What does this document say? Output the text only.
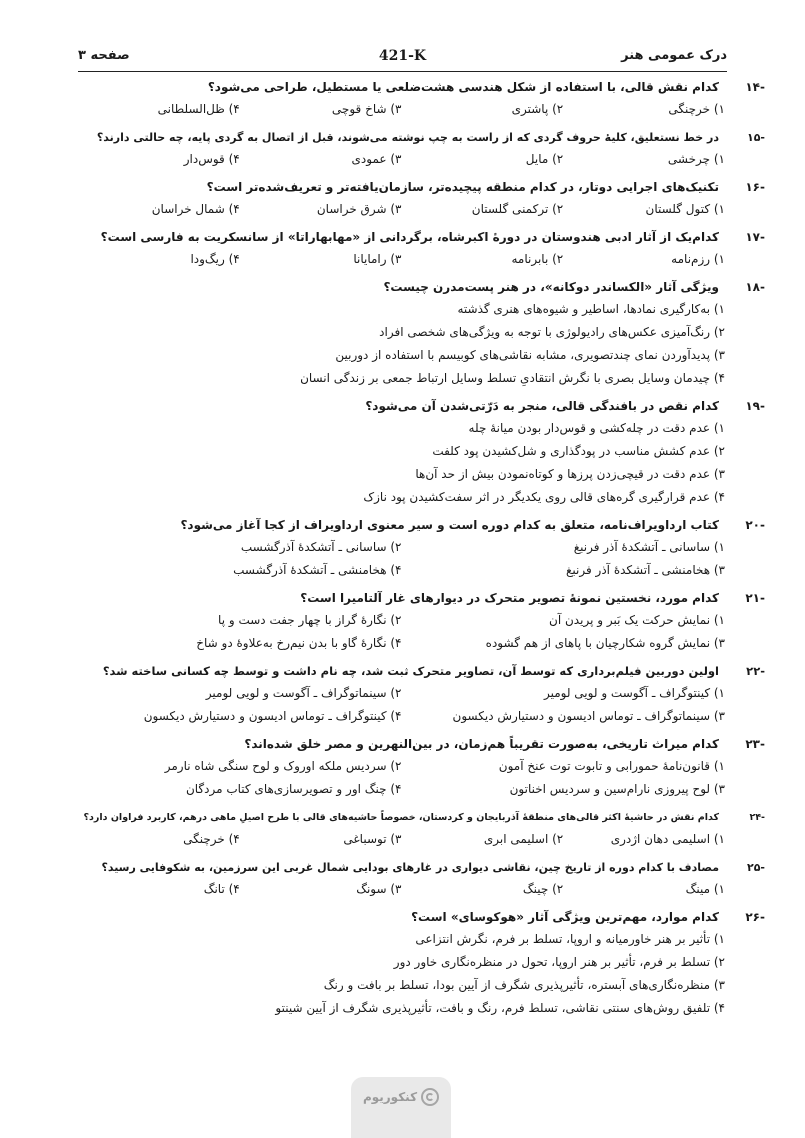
درک عمومی هنر
421-K
صفحه ۳
-۱۴
کدام نقش قالی، با استفاده از شکل هندسی هشت‌ضلعی یا مستطیل، طراحی می‌شود؟
۱) خرچنگی
۲) پاشتری
۳) شاخ قوچی
۴) ظل‌السلطانی
-۱۵
در خط نستعلیق، کلیهٔ حروف گردی که از راست به چپ نوشته می‌شوند، قبل از اتصال به گردی پایه، چه حالتی دارند؟
۱) چرخشی
۲) مایل
۳) عمودی
۴) قوس‌دار
-۱۶
تکنیک‌های اجرایی دوتار، در کدام منطقه پیچیده‌تر، سازمان‌یافته‌تر و تعریف‌شده‌تر است؟
۱) کتول گلستان
۲) ترکمنی گلستان
۳) شرق خراسان
۴) شمال خراسان
-۱۷
کدام‌یک از آثار ادبی هندوستان در دورهٔ اکبرشاه، برگردانی از «مهابهاراتا» از سانسکریت به فارسی است؟
۱) رزم‌نامه
۲) بابرنامه
۳) رامایانا
۴) ریگ‌ودا
-۱۸
ویژگی آثار «الکساندر دوکانه»، در هنر پست‌مدرن چیست؟
۱) به‌کارگیری نمادها، اساطیر و شیوه‌های هنری گذشته
۲) رنگ‌آمیزی عکس‌های رادیولوژی با توجه به ویژگی‌های شخصی افراد
۳) پدیدآوردن نمای چندتصویری، مشابه نقاشی‌های کوبیسم با استفاده از دوربین
۴) چیدمان وسایل بصری با نگرش انتقادیِ تسلط وسایل ارتباط جمعی بر زندگی انسان
-۱۹
کدام نقص در بافندگی قالی، منجر به دَرّتی‌شدن آن می‌شود؟
۱) عدم دقت در چله‌کشی و قوس‌دار بودن میانهٔ چله
۲) عدم کشش مناسب در پودگذاری و شل‌کشیدن پود کلفت
۳) عدم دقت در قیچی‌زدن پرزها و کوتاه‌نمودن بیش از حد آن‌ها
۴) عدم قرارگیری گره‌های قالی روی یکدیگر در اثر سفت‌کشیدن پود نازک
-۲۰
کتاب ارداویراف‌نامه، متعلق به کدام دوره است و سیر معنوی ارداویراف از کجا آغاز می‌شود؟
۱) ساسانی ـ آتشکدهٔ آذر فرنبغ
۲) ساسانی ـ آتشکدهٔ آذرگشسب
۳) هخامنشی ـ آتشکدهٔ آذر فرنبغ
۴) هخامنشی ـ آتشکدهٔ آذرگشسب
-۲۱
کدام مورد، نخستین نمونهٔ تصویر متحرک در دیوارهای غار آلتامیرا است؟
۱) نمایش حرکت یک بَبر و پریدن آن
۲) نگارهٔ گراز با چهار جفت دست و پا
۳) نمایش گروه شکارچیان با پاهای از هم گشوده
۴) نگارهٔ گاو با بدن نیم‌رخ به‌علاوهٔ دو شاخ
-۲۲
اولین دوربین فیلم‌برداری که توسط آن، تصاویر متحرک ثبت شد، چه نام داشت و توسط چه کسانی ساخته شد؟
۱) کینتوگراف ـ آگوست و لویی لومیر
۲) سینماتوگراف ـ آگوست و لویی لومیر
۳) سینماتوگراف ـ توماس ادیسون و دستیارش دیکسون
۴) کینتوگراف ـ توماس ادیسون و دستیارش دیکسون
-۲۳
کدام میراث تاریخی، به‌صورت تقریباً هم‌زمان، در بین‌النهرین و مصر خلق شده‌اند؟
۱) قانون‌نامهٔ حمورابی و تابوت توت عنخ آمون
۲) سردیس ملکه اوروک و لوح سنگی شاه نارمر
۳) لوح پیروزی نارام‌سین و سردیس اخناتون
۴) چنگ اور و تصویرسازی‌های کتاب مردگان
-۲۴
کدام نقش در حاشیهٔ اکثر قالی‌های منطقهٔ آذربایجان و کردستان، خصوصاً حاشیه‌های قالی با طرح اصیلِ ماهی درهم، کاربرد فراوان دارد؟
۱) اسلیمی دهان اژدری
۲) اسلیمی ابری
۳) توسباغی
۴) خرچنگی
-۲۵
مصادف با کدام دوره از تاریخ چین، نقاشی دیواری در غارهای بودایی شمال غربی این سرزمین، به شکوفایی رسید؟
۱) مینگ
۲) چینگ
۳) سونگ
۴) تانگ
-۲۶
کدام موارد، مهم‌ترین ویژگی آثار «هوکوسای» است؟
۱) تأثیر بر هنر خاورمیانه و اروپا، تسلط بر فرم، نگرش انتزاعی
۲) تسلط بر فرم، تأثیر بر هنر اروپا، تحول در منظره‌نگاری خاور دور
۳) منظره‌نگاری‌های آبستره، تأثیرپذیری شگرف از آیین بودا، تسلط بر بافت و رنگ
۴) تلفیق روش‌های سنتی نقاشی، تسلط فرم، رنگ و بافت، تأثیرپذیری شگرف از آیین شینتو
کنکوریوم
